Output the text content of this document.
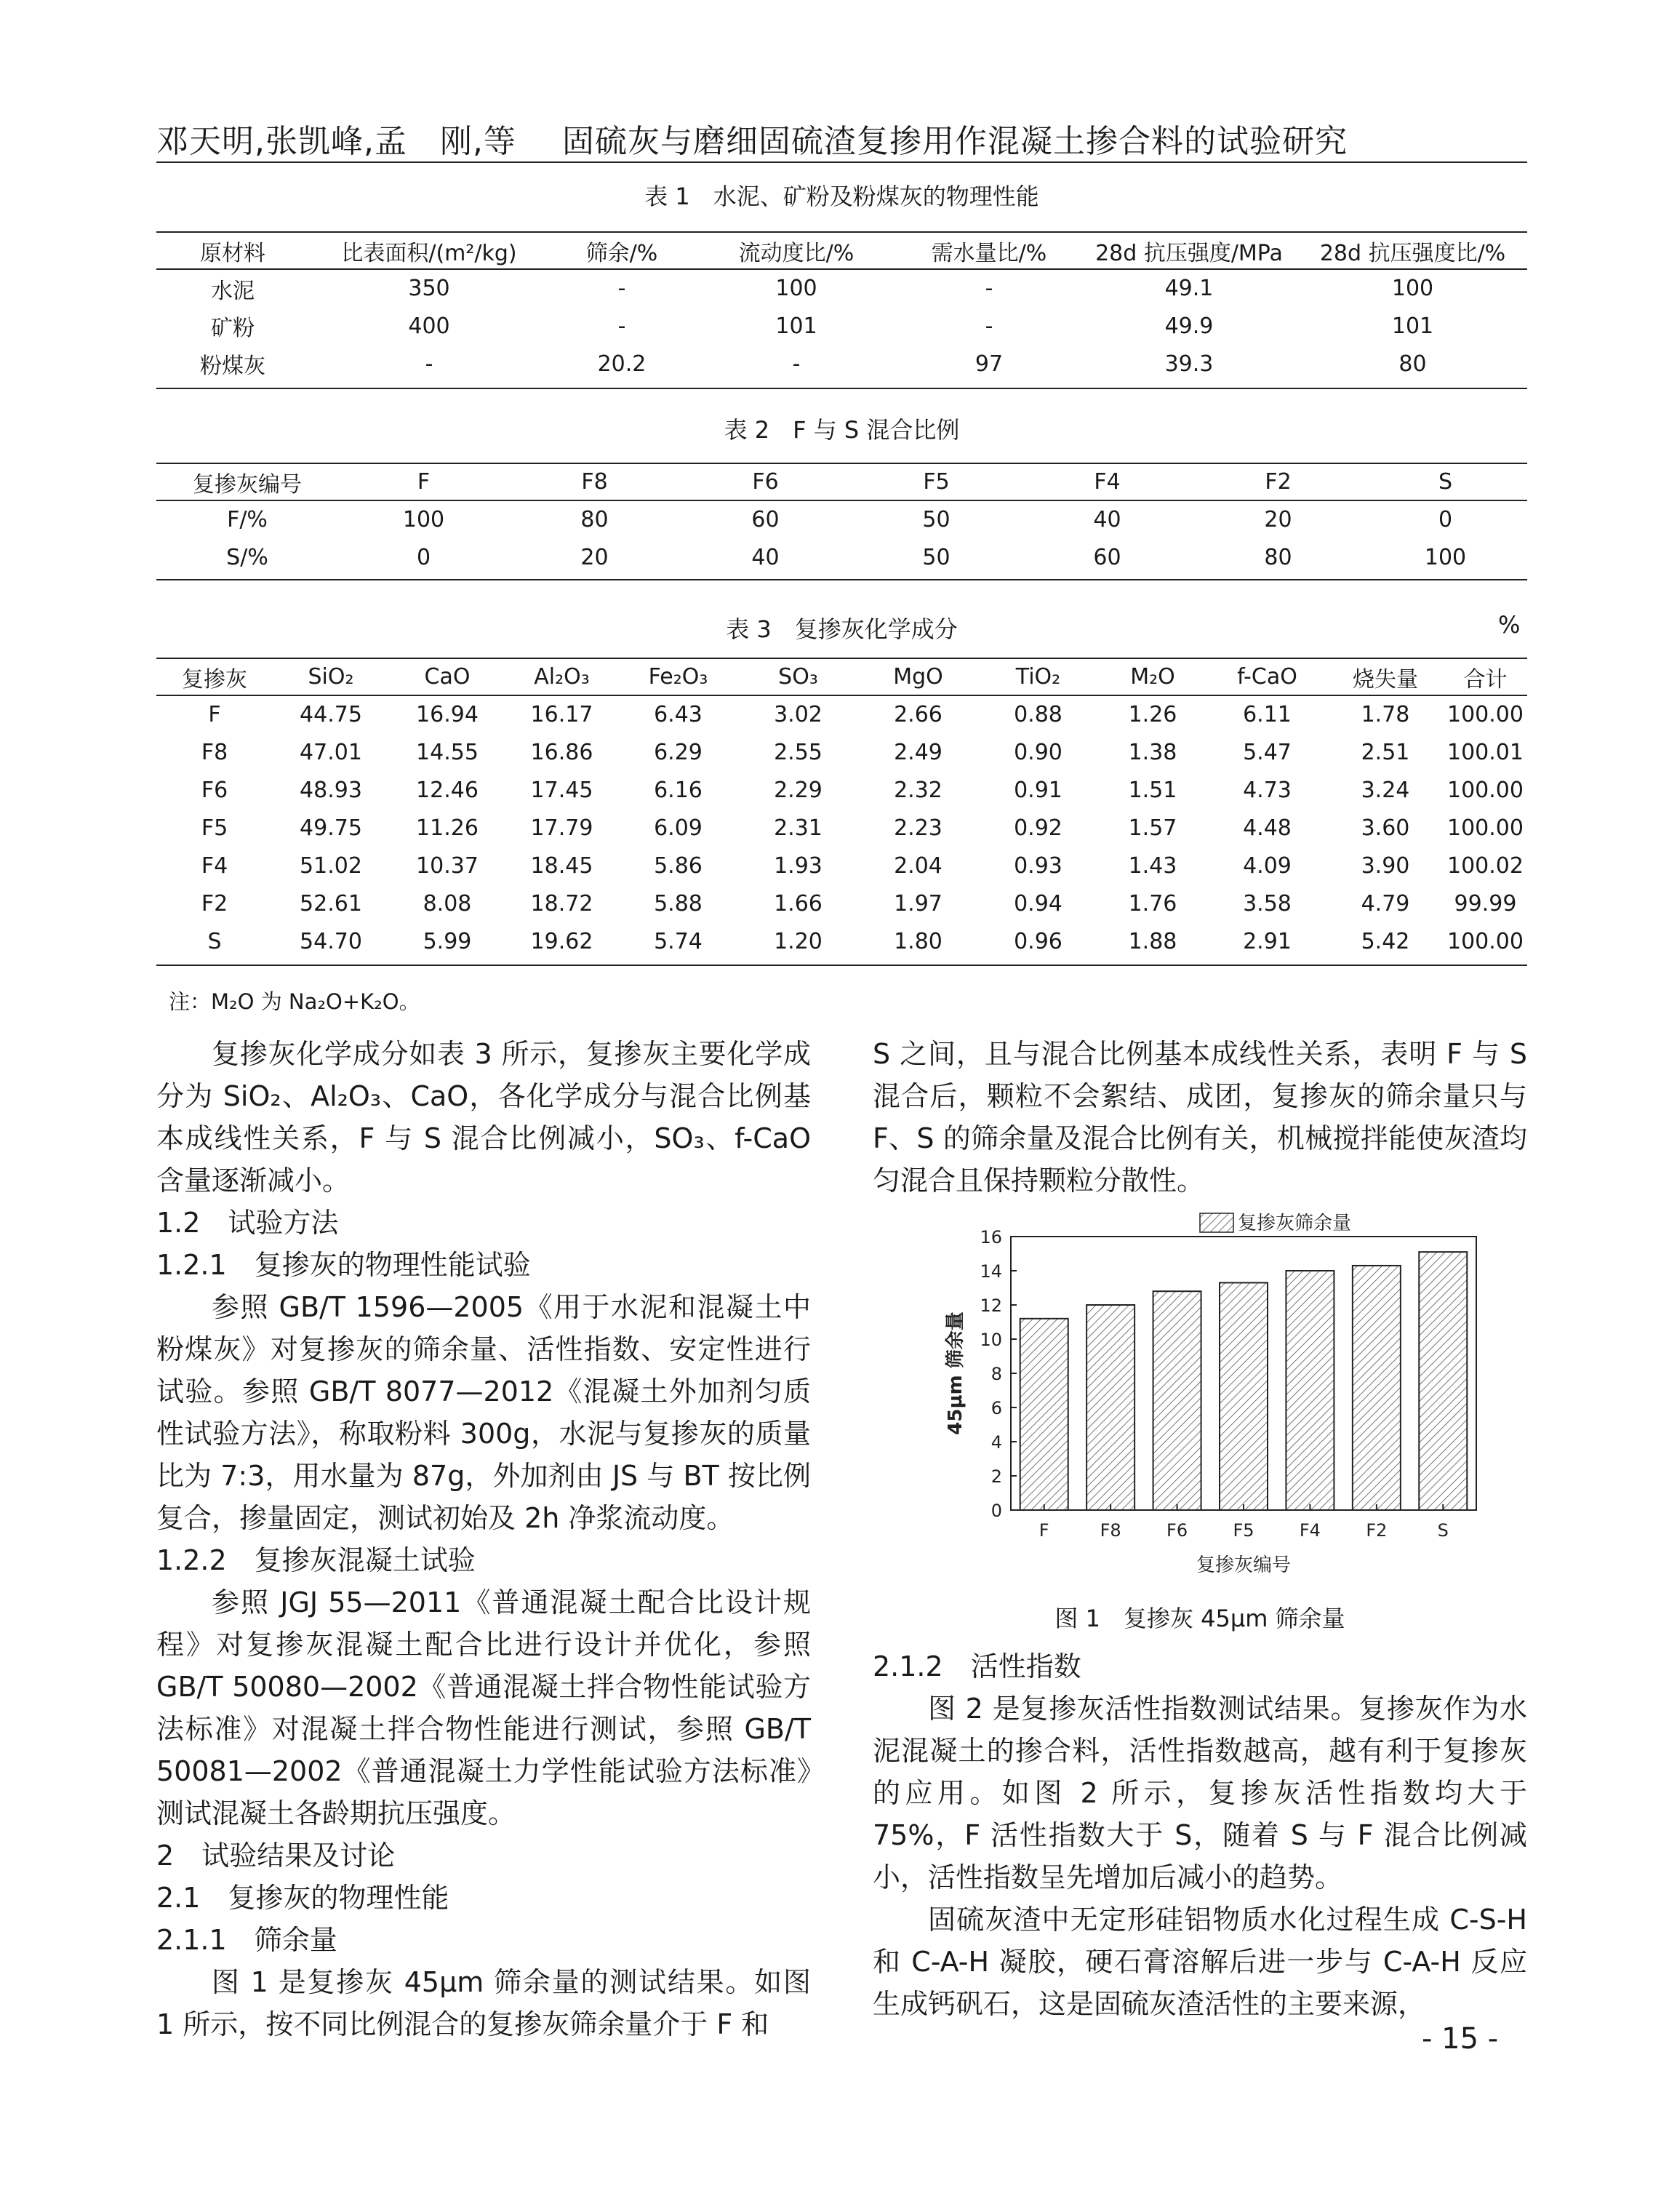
邓天明,张凯峰,孟　刚,等 固硫灰与磨细固硫渣复掺用作混凝土掺合料的试验研究
表 1　水泥、矿粉及粉煤灰的物理性能
原材料	比表面积/(m²/kg)	筛余/%	流动度比/%	需水量比/%	28d 抗压强度/MPa	28d 抗压强度比/%
水泥	350	-	100	-	49.1	100
矿粉	400	-	101	-	49.9	101
粉煤灰	-	20.2	-	97	39.3	80
表 2　F 与 S 混合比例
复掺灰编号	F	F8	F6	F5	F4	F2	S
F/%	100	80	60	50	40	20	0
S/%	0	20	40	50	60	80	100
表 3　复掺灰化学成分	%
复掺灰	SiO₂	CaO	Al₂O₃	Fe₂O₃	SO₃	MgO	TiO₂	M₂O	f-CaO	烧失量	合计
F	44.75	16.94	16.17	6.43	3.02	2.66	0.88	1.26	6.11	1.78	100.00
F8	47.01	14.55	16.86	6.29	2.55	2.49	0.90	1.38	5.47	2.51	100.01
F6	48.93	12.46	17.45	6.16	2.29	2.32	0.91	1.51	4.73	3.24	100.00
F5	49.75	11.26	17.79	6.09	2.31	2.23	0.92	1.57	4.48	3.60	100.00
F4	51.02	10.37	18.45	5.86	1.93	2.04	0.93	1.43	4.09	3.90	100.02
F2	52.61	8.08	18.72	5.88	1.66	1.97	0.94	1.76	3.58	4.79	99.99
S	54.70	5.99	19.62	5.74	1.20	1.80	0.96	1.88	2.91	5.42	100.00
注：M₂O 为 Na₂O+K₂O。

复掺灰化学成分如表 3 所示，复掺灰主要化学成分为 SiO₂、Al₂O₃、CaO，各化学成分与混合比例基本成线性关系，F 与 S 混合比例减小，SO₃、f-CaO 含量逐渐减小。

1.2　试验方法

1.2.1　复掺灰的物理性能试验

参照 GB/T 1596—2005《用于水泥和混凝土中粉煤灰》对复掺灰的筛余量、活性指数、安定性进行试验。参照 GB/T 8077—2012《混凝土外加剂匀质性试验方法》，称取粉料 300g，水泥与复掺灰的质量比为 7:3，用水量为 87g，外加剂由 JS 与 BT 按比例复合，掺量固定，测试初始及 2h 净浆流动度。

1.2.2　复掺灰混凝土试验

参照 JGJ 55—2011《普通混凝土配合比设计规程》对复掺灰混凝土配合比进行设计并优化，参照 GB/T 50080—2002《普通混凝土拌合物性能试验方法标准》对混凝土拌合物性能进行测试，参照 GB/T 50081—2002《普通混凝土力学性能试验方法标准》测试混凝土各龄期抗压强度。

2　试验结果及讨论

2.1　复掺灰的物理性能

2.1.1　筛余量

图 1 是复掺灰 45μm 筛余量的测试结果。如图 1 所示，按不同比例混合的复掺灰筛余量介于 F 和

S 之间，且与混合比例基本成线性关系，表明 F 与 S 混合后，颗粒不会絮结、成团，复掺灰的筛余量只与 F、S 的筛余量及混合比例有关，机械搅拌能使灰渣均匀混合且保持颗粒分散性。

0
2
4
6
8
10
12
14
16
F	F8	F6	F5	F4	F2	S
复掺灰编号
45μm 筛余量
复掺灰筛余量
图 1　复掺灰 45μm 筛余量

2.1.2　活性指数

图 2 是复掺灰活性指数测试结果。复掺灰作为水泥混凝土的掺合料，活性指数越高，越有利于复掺灰的应用。如图 2 所示，复掺灰活性指数均大于 75%，F 活性指数大于 S，随着 S 与 F 混合比例减小，活性指数呈先增加后减小的趋势。

固硫灰渣中无定形硅铝物质水化过程生成 C-S-H 和 C-A-H 凝胶，硬石膏溶解后进一步与 C-A-H 反应生成钙矾石，这是固硫灰渣活性的主要来源，

- 15 -
